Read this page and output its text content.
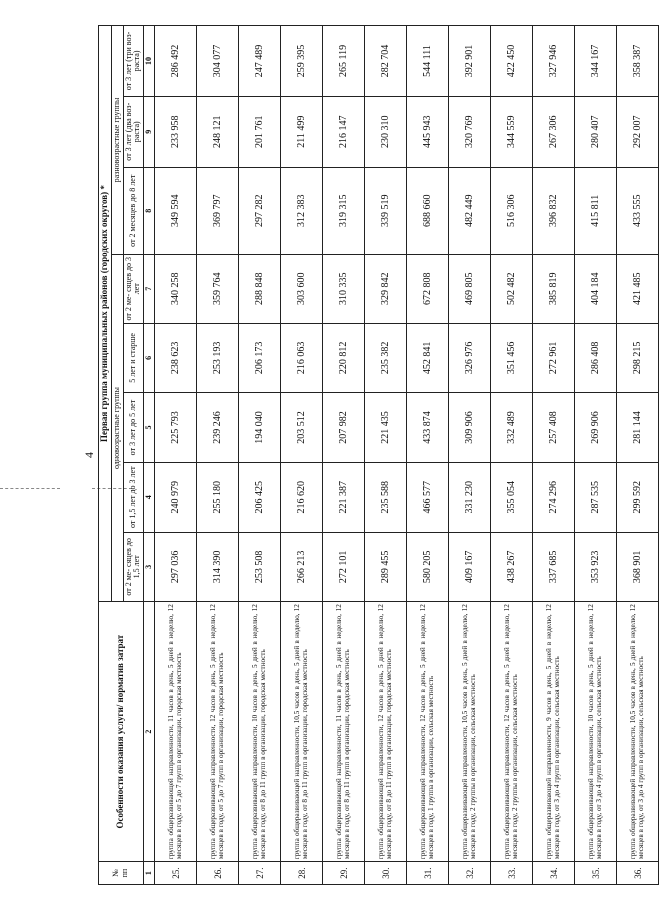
4
№ пп	Особенности оказания услуги/ норматив затрат	Первая группа муниципальных районов (городских округов) *							
		одновозрастные группы					разновозрастные группы		
		от 2 ме- сяцев до 1,5 лет	от 1,5 лет до 3 лет	от 3 лет до 5 лет	5 лет и старше	от 2 ме- сяцев до 3 лет	от 2 месяцев до 8 лет	от 3 лет (два воз- раста)	от 3 лет (три воз- раста)
1	2	3	4	5	6	7	8	9	10
25.	группа общеразвивающей направленности, 11 часов в день, 5 дней в неделю, 12 месяцев в году, от 5 до 7 групп в организации, городская местность	297 036	240 979	225 793	238 623	340 258	349 594	233 958	286 492
26.	группа общеразвивающей направленности, 12 часов в день, 5 дней в неделю, 12 месяцев в году, от 5 до 7 групп в организации, городская местность	314 390	255 180	239 246	253 193	359 764	369 797	248 121	304 077
27.	группа общеразвивающей направленности, 10 часов в день, 5 дней в неделю, 12 месяцев в году, от 8 до 11 групп в организации, городская местность	253 508	206 425	194 040	206 173	288 848	297 282	201 761	247 489
28.	группа общеразвивающей направленности, 10,5 часов в день, 5 дней в неделю, 12 месяцев в году, от 8 до 11 групп в организации, городская местность	266 213	216 620	203 512	216 063	303 600	312 383	211 499	259 395
29.	группа общеразвивающей направленности, 11 часов в день, 5 дней в неделю, 12 месяцев в году, от 8 до 11 групп в организации, городская местность	272 101	221 387	207 982	220 812	310 335	319 315	216 147	265 119
30.	группа общеразвивающей направленности, 12 часов в день, 5 дней в неделю, 12 месяцев в году, от 8 до 11 групп в организации, городская местность	289 455	235 588	221 435	235 382	329 842	339 519	230 310	282 704
31.	группа общеразвивающей направленности, 12 часов в день, 5 дней в неделю, 12 месяцев в году, 1 группа в организации, сельская местность	580 205	466 577	433 874	452 841	672 808	688 660	445 943	544 111
32.	группа общеразвивающей направленности, 10,5 часов в день, 5 дней в неделю, 12 месяцев в году, 2 группы в организации, сельская местность	409 167	331 230	309 906	326 976	469 805	482 449	320 769	392 901
33.	группа общеразвивающей направленности, 12 часов в день, 5 дней в неделю, 12 месяцев в году, 2 группы в организации, сельская местность	438 267	355 054	332 489	351 456	502 482	516 306	344 559	422 450
34.	группа общеразвивающей направленности, 9 часов в день, 5 дней в неделю, 12 месяцев в году, от 3 до 4 групп в организации, сельская местность	337 685	274 296	257 408	272 961	385 819	396 832	267 306	327 946
35.	группа общеразвивающей направленности, 10 часов в день, 5 дней в неделю, 12 месяцев в году, от 3 до 4 групп в организации, сельская местность	353 923	287 535	269 906	286 408	404 184	415 811	280 407	344 167
36.	группа общеразвивающей направленности, 10,5 часов в день, 5 дней в неделю, 12 месяцев в году, от 3 до 4 групп в организации, сельская местность	368 901	299 592	281 144	298 215	421 485	433 555	292 007	358 387
